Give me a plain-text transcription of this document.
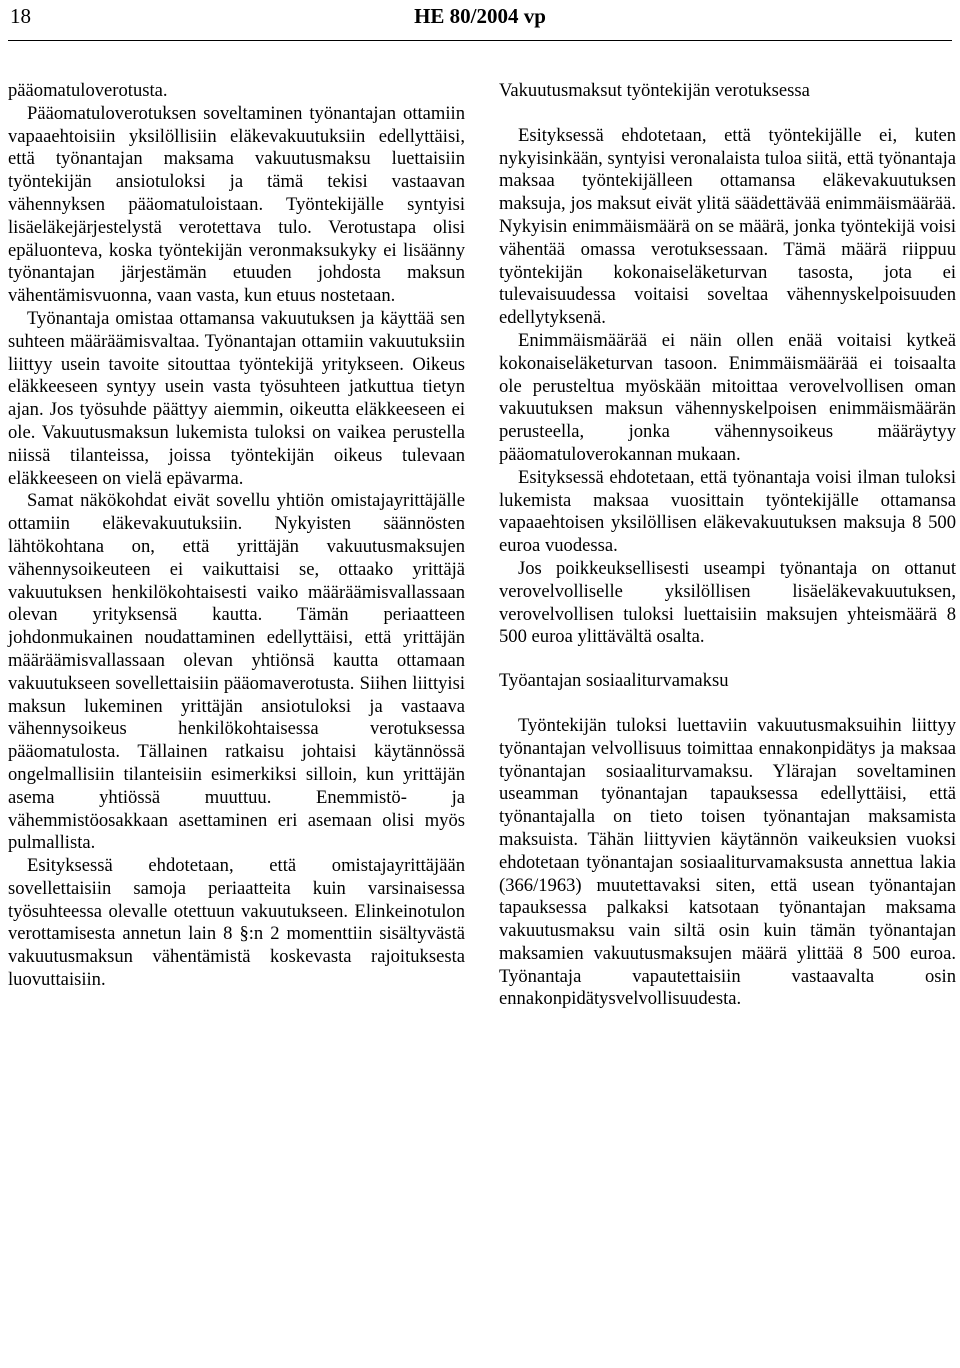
18	HE 80/2004 vp

pääomatuloverotusta.

Pääomatuloverotuksen soveltaminen työnantajan ottamiin vapaaehtoisiin yksilöllisiin eläkevakuutuksiin edellyttäisi, että työnantajan maksama vakuutusmaksu luettaisiin työntekijän ansiotuloksi ja tämä tekisi vastaavan vähennyksen pääomatuloistaan. Työntekijälle syntyisi lisäeläkejärjestelystä verotettava tulo. Verotustapa olisi epäluonteva, koska työntekijän veronmaksukyky ei lisäänny työnantajan järjestämän etuuden johdosta maksun vähentämisvuonna, vaan vasta, kun etuus nostetaan.

Työnantaja omistaa ottamansa vakuutuksen ja käyttää sen suhteen määräämisvaltaa. Työnantajan ottamiin vakuutuksiin liittyy usein tavoite sitouttaa työntekijä yritykseen. Oikeus eläkkeeseen syntyy usein vasta työsuhteen jatkuttua tietyn ajan. Jos työsuhde päättyy aiemmin, oikeutta eläkkeeseen ei ole. Vakuutusmaksun lukemista tuloksi on vaikea perustella niissä tilanteissa, joissa työntekijän oikeus tulevaan eläkkeeseen on vielä epävarma.

Samat näkökohdat eivät sovellu yhtiön omistajayrittäjälle ottamiin eläkevakuutuksiin. Nykyisten säännösten lähtökohtana on, että yrittäjän vakuutusmaksujen vähennysoikeuteen ei vaikuttaisi se, ottaako yrittäjä vakuutuksen henkilökohtaisesti vaiko määräämisvallassaan olevan yrityksensä kautta. Tämän periaatteen johdonmukainen noudattaminen edellyttäisi, että yrittäjän määräämisvallassaan olevan yhtiönsä kautta ottamaan vakuutukseen sovellettaisiin pääomaverotusta. Siihen liittyisi maksun lukeminen yrittäjän ansiotuloksi ja vastaava vähennysoikeus henkilökohtaisessa verotuksessa pääomatulosta. Tällainen ratkaisu johtaisi käytännössä ongelmallisiin tilanteisiin esimerkiksi silloin, kun yrittäjän asema yhtiössä muuttuu. Enemmistö- ja vähemmistöosakkaan asettaminen eri asemaan olisi myös pulmallista.

Esityksessä ehdotetaan, että omistajayrittäjään sovellettaisiin samoja periaatteita kuin varsinaisessa työsuhteessa olevalle otettuun vakuutukseen. Elinkeinotulon verottamisesta annetun lain 8 §:n 2 momenttiin sisältyvästä vakuutusmaksun vähentämistä koskevasta rajoituksesta luovuttaisiin.

Vakuutusmaksut työntekijän verotuksessa

Esityksessä ehdotetaan, että työntekijälle ei, kuten nykyisinkään, syntyisi veronalaista tuloa siitä, että työnantaja maksaa työntekijälleen ottamansa eläkevakuutuksen maksuja, jos maksut eivät ylitä säädettävää enimmäismäärää. Nykyisin enimmäismäärä on se määrä, jonka työntekijä voisi vähentää omassa verotuksessaan. Tämä määrä riippuu työntekijän kokonaiseläketurvan tasosta, jota ei tulevaisuudessa voitaisi soveltaa vähennyskelpoisuuden edellytyksenä.

Enimmäismäärää ei näin ollen enää voitaisi kytkeä kokonaiseläketurvan tasoon. Enimmäismäärää ei toisaalta ole perusteltua myöskään mitoittaa verovelvollisen oman vakuutuksen maksun vähennyskelpoisen enimmäismäärän perusteella, jonka vähennysoikeus määräytyy pääomatuloverokannan mukaan.

Esityksessä ehdotetaan, että työnantaja voisi ilman tuloksi lukemista maksaa vuosittain työntekijälle ottamansa vapaaehtoisen yksilöllisen eläkevakuutuksen maksuja 8 500 euroa vuodessa.

Jos poikkeuksellisesti useampi työnantaja on ottanut verovelvolliselle yksilöllisen lisäeläkevakuutuksen, verovelvollisen tuloksi luettaisiin maksujen yhteismäärä 8 500 euroa ylittävältä osalta.

Työantajan sosiaaliturvamaksu

Työntekijän tuloksi luettaviin vakuutusmaksuihin liittyy työnantajan velvollisuus toimittaa ennakonpidätys ja maksaa työnantajan sosiaaliturvamaksu. Ylärajan soveltaminen useamman työnantajan tapauksessa edellyttäisi, että työnantajalla on tieto toisen työnantajan maksamista maksuista. Tähän liittyvien käytännön vaikeuksien vuoksi ehdotetaan työnantajan sosiaaliturvamaksusta annettua lakia (366/1963) muutettavaksi siten, että usean työnantajan tapauksessa palkaksi katsotaan työnantajan maksama vakuutusmaksu vain siltä osin kuin tämän työnantajan maksamien vakuutusmaksujen määrä ylittää 8 500 euroa. Työnantaja vapautettaisiin vastaavalta osin ennakonpidätysvelvollisuudesta.
